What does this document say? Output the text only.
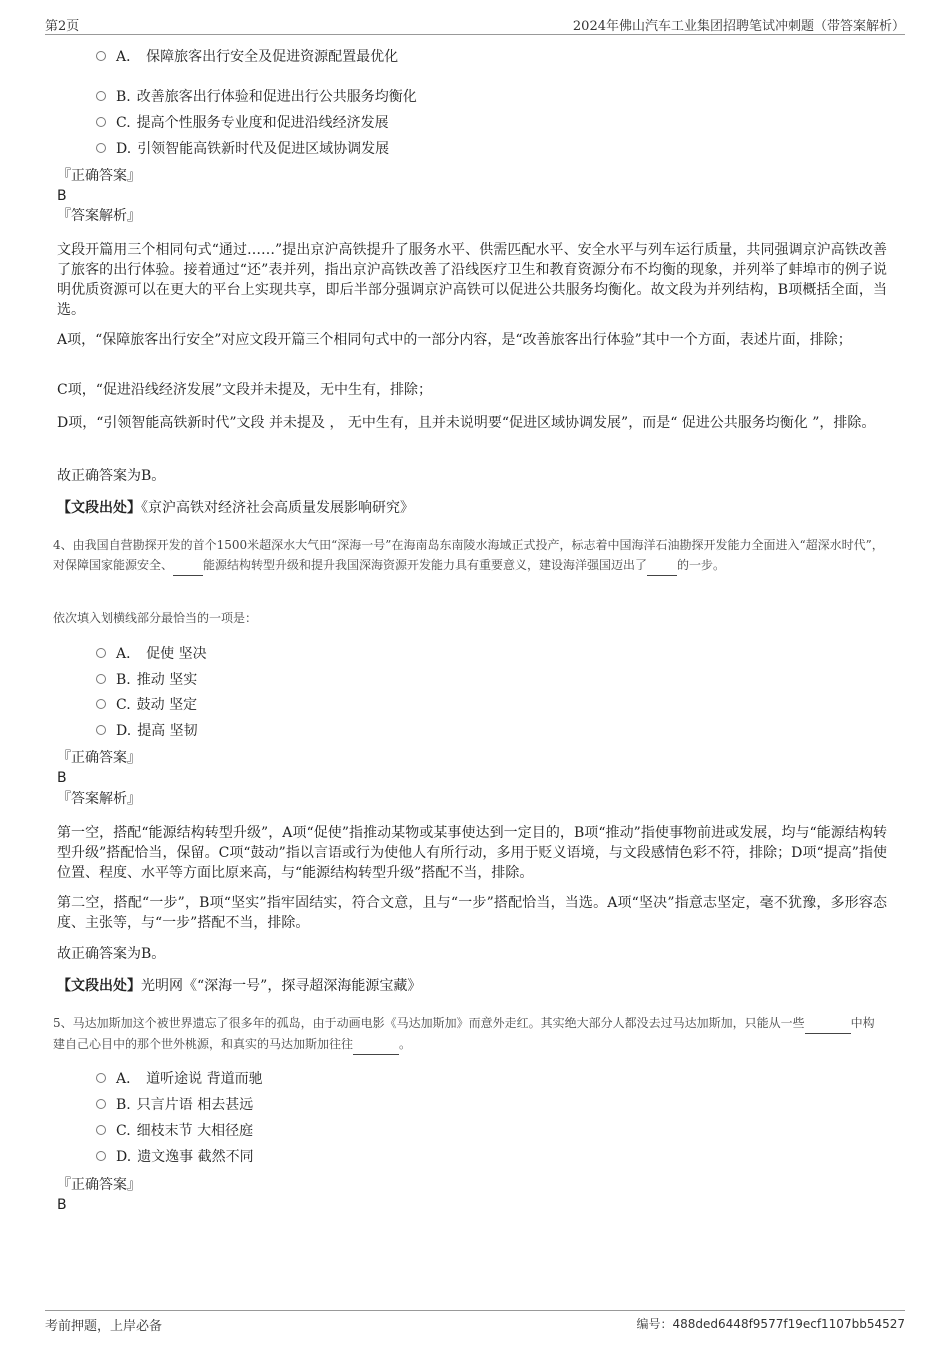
第2页	2024年佛山汽车工业集团招聘笔试冲刺题（带答案解析）
A． 保障旅客出行安全及促进资源配置最优化
B. 改善旅客出行体验和促进出行公共服务均衡化
C. 提高个性服务专业度和促进沿线经济发展
D. 引领智能高铁新时代及促进区域协调发展
『正确答案』
B
『答案解析』
文段开篇用三个相同句式“通过……”提出京沪高铁提升了服务水平、供需匹配水平、安全水平与列车运行质量，共同强调京沪高铁改善了旅客的出行体验。接着通过“还”表并列，指出京沪高铁改善了沿线医疗卫生和教育资源分布不均衡的现象，并列举了蚌埠市的例子说明优质资源可以在更大的平台上实现共享，即后半部分强调京沪高铁可以促进公共服务均衡化。故文段为并列结构，B项概括全面，当选。
A项，“保障旅客出行安全”对应文段开篇三个相同句式中的一部分内容，是“改善旅客出行体验”其中一个方面，表述片面，排除；
C项，“促进沿线经济发展”文段并未提及，无中生有，排除；
D项，“引领智能高铁新时代”文段 并未提及 ， 无中生有，且并未说明要“促进区域协调发展”，而是“ 促进公共服务均衡化 ”，排除。
故正确答案为B。
【文段出处】《京沪高铁对经济社会高质量发展影响研究》
4、由我国自营勘探开发的首个1500米超深水大气田“深海一号”在海南岛东南陵水海域正式投产，标志着中国海洋石油勘探开发能力全面进入“超深水时代”，对保障国家能源安全、	能源结构转型升级和提升我国深海资源开发能力具有重要意义，建设海洋强国迈出了	的一步。
依次填入划横线部分最恰当的一项是：
A． 促使 坚决
B. 推动 坚实
C. 鼓动 坚定
D. 提高 坚韧
『正确答案』
B
『答案解析』
第一空，搭配“能源结构转型升级”，A项“促使”指推动某物或某事使达到一定目的，B项“推动”指使事物前进或发展，均与“能源结构转型升级”搭配恰当，保留。C项“鼓动”指以言语或行为使他人有所行动，多用于贬义语境，与文段感情色彩不符，排除；D项“提高”指使位置、程度、水平等方面比原来高，与“能源结构转型升级”搭配不当，排除。
第二空，搭配“一步”，B项“坚实”指牢固结实，符合文意，且与“一步”搭配恰当，当选。A项“坚决”指意志坚定，毫不犹豫，多形容态度、主张等，与“一步”搭配不当，排除。
故正确答案为B。
【文段出处】光明网《“深海一号”，探寻超深海能源宝藏》
5、马达加斯加这个被世界遗忘了很多年的孤岛，由于动画电影《马达加斯加》而意外走红。其实绝大部分人都没去过马达加斯加，只能从一些	中构建自己心目中的那个世外桃源，和真实的马达加斯加往往	。
A． 道听途说 背道而驰
B. 只言片语 相去甚远
C. 细枝末节 大相径庭
D. 遗文逸事 截然不同
『正确答案』
B
考前押题，上岸必备	编号：488ded6448f9577f19ecf1107bb54527
